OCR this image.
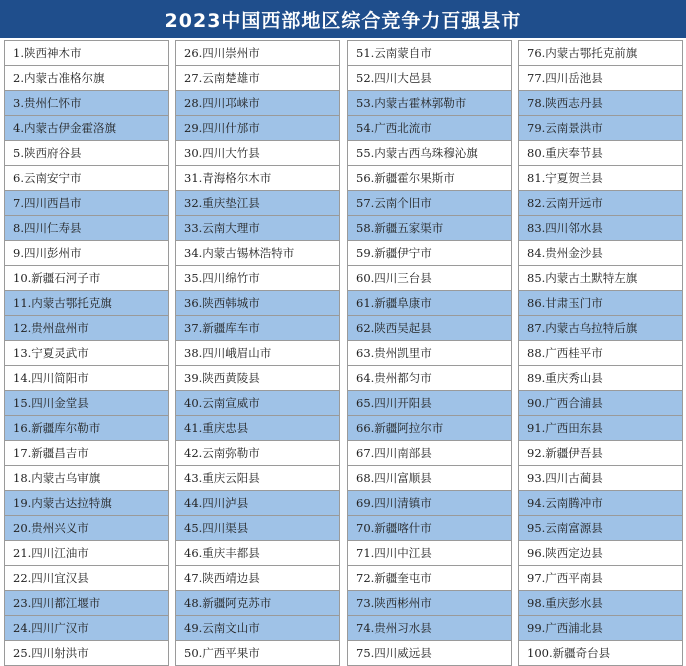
2023中国西部地区综合竞争力百强县市
1.陕西神木市
2.内蒙古准格尔旗
3.贵州仁怀市
4.内蒙古伊金霍洛旗
5.陕西府谷县
6.云南安宁市
7.四川西昌市
8.四川仁寿县
9.四川彭州市
10.新疆石河子市
11.内蒙古鄂托克旗
12.贵州盘州市
13.宁夏灵武市
14.四川简阳市
15.四川金堂县
16.新疆库尔勒市
17.新疆昌吉市
18.内蒙古乌审旗
19.内蒙古达拉特旗
20.贵州兴义市
21.四川江油市
22.四川宜汉县
23.四川都江堰市
24.四川广汉市
25.四川射洪市
26.四川崇州市
27.云南楚雄市
28.四川邛崃市
29.四川什邡市
30.四川大竹县
31.青海格尔木市
32.重庆垫江县
33.云南大理市
34.内蒙古锡林浩特市
35.四川绵竹市
36.陕西韩城市
37.新疆库车市
38.四川峨眉山市
39.陕西黄陵县
40.云南宣威市
41.重庆忠县
42.云南弥勒市
43.重庆云阳县
44.四川泸县
45.四川渠县
46.重庆丰都县
47.陕西靖边县
48.新疆阿克苏市
49.云南文山市
50.广西平果市
51.云南蒙自市
52.四川大邑县
53.内蒙古霍林郭勒市
54.广西北流市
55.内蒙古西乌珠穆沁旗
56.新疆霍尔果斯市
57.云南个旧市
58.新疆五家渠市
59.新疆伊宁市
60.四川三台县
61.新疆阜康市
62.陕西吴起县
63.贵州凯里市
64.贵州都匀市
65.四川开阳县
66.新疆阿拉尔市
67.四川南部县
68.四川富顺县
69.四川清镇市
70.新疆喀什市
71.四川中江县
72.新疆奎屯市
73.陕西彬州市
74.贵州习水县
75.四川威远县
76.内蒙古鄂托克前旗
77.四川岳池县
78.陕西志丹县
79.云南景洪市
80.重庆奉节县
81.宁夏贺兰县
82.云南开远市
83.四川邻水县
84.贵州金沙县
85.内蒙古土默特左旗
86.甘肃玉门市
87.内蒙古乌拉特后旗
88.广西桂平市
89.重庆秀山县
90.广西合浦县
91.广西田东县
92.新疆伊吾县
93.四川古蔺县
94.云南腾冲市
95.云南富源县
96.陕西定边县
97.广西平南县
98.重庆彭水县
99.广西浦北县
100.新疆奇台县
